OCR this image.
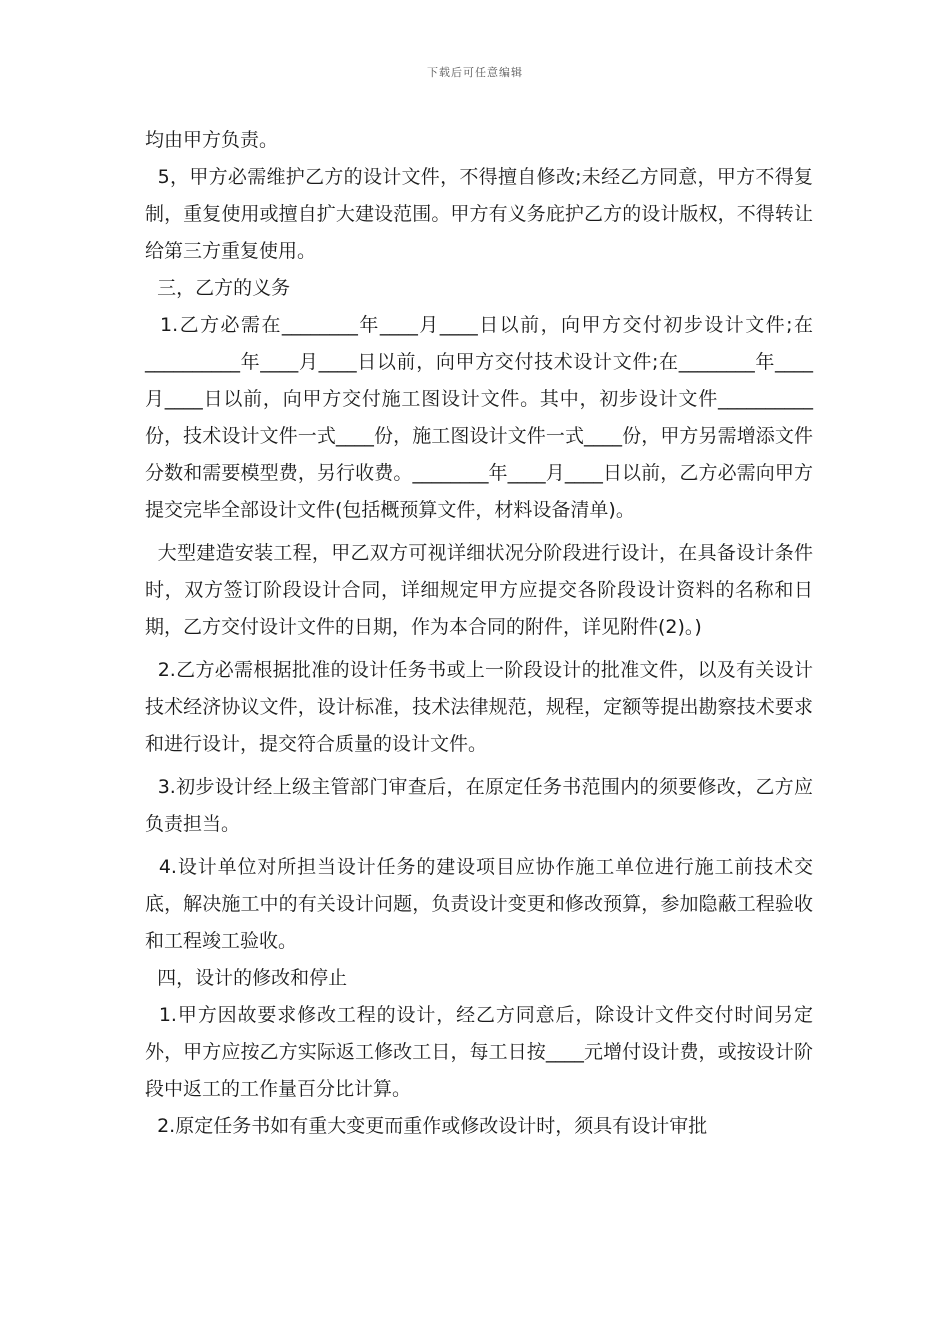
下载后可任意编辑

均由甲方负责。

5，甲方必需维护乙方的设计文件，不得擅自修改;未经乙方同意，甲方不得复制，重复使用或擅自扩大建设范围。甲方有义务庇护乙方的设计版权，不得转让给第三方重复使用。

三，乙方的义务

1.乙方必需在________年____月____日以前，向甲方交付初步设计文件;在__________年____月____日以前，向甲方交付技术设计文件;在________年____月____日以前，向甲方交付施工图设计文件。其中，初步设计文件__________份，技术设计文件一式____份，施工图设计文件一式____份，甲方另需增添文件分数和需要模型费，另行收费。________年____月____日以前，乙方必需向甲方提交完毕全部设计文件(包括概预算文件，材料设备清单)。

大型建造安装工程，甲乙双方可视详细状况分阶段进行设计，在具备设计条件时，双方签订阶段设计合同，详细规定甲方应提交各阶段设计资料的名称和日期，乙方交付设计文件的日期，作为本合同的附件，详见附件(2)。)

2.乙方必需根据批准的设计任务书或上一阶段设计的批准文件，以及有关设计技术经济协议文件，设计标准，技术法律规范，规程，定额等提出勘察技术要求和进行设计，提交符合质量的设计文件。

3.初步设计经上级主管部门审查后，在原定任务书范围内的须要修改，乙方应负责担当。

4.设计单位对所担当设计任务的建设项目应协作施工单位进行施工前技术交底，解决施工中的有关设计问题，负责设计变更和修改预算，参加隐蔽工程验收和工程竣工验收。

四，设计的修改和停止

1.甲方因故要求修改工程的设计，经乙方同意后，除设计文件交付时间另定外，甲方应按乙方实际返工修改工日，每工日按____元增付设计费，或按设计阶段中返工的工作量百分比计算。

2.原定任务书如有重大变更而重作或修改设计时，须具有设计审批
